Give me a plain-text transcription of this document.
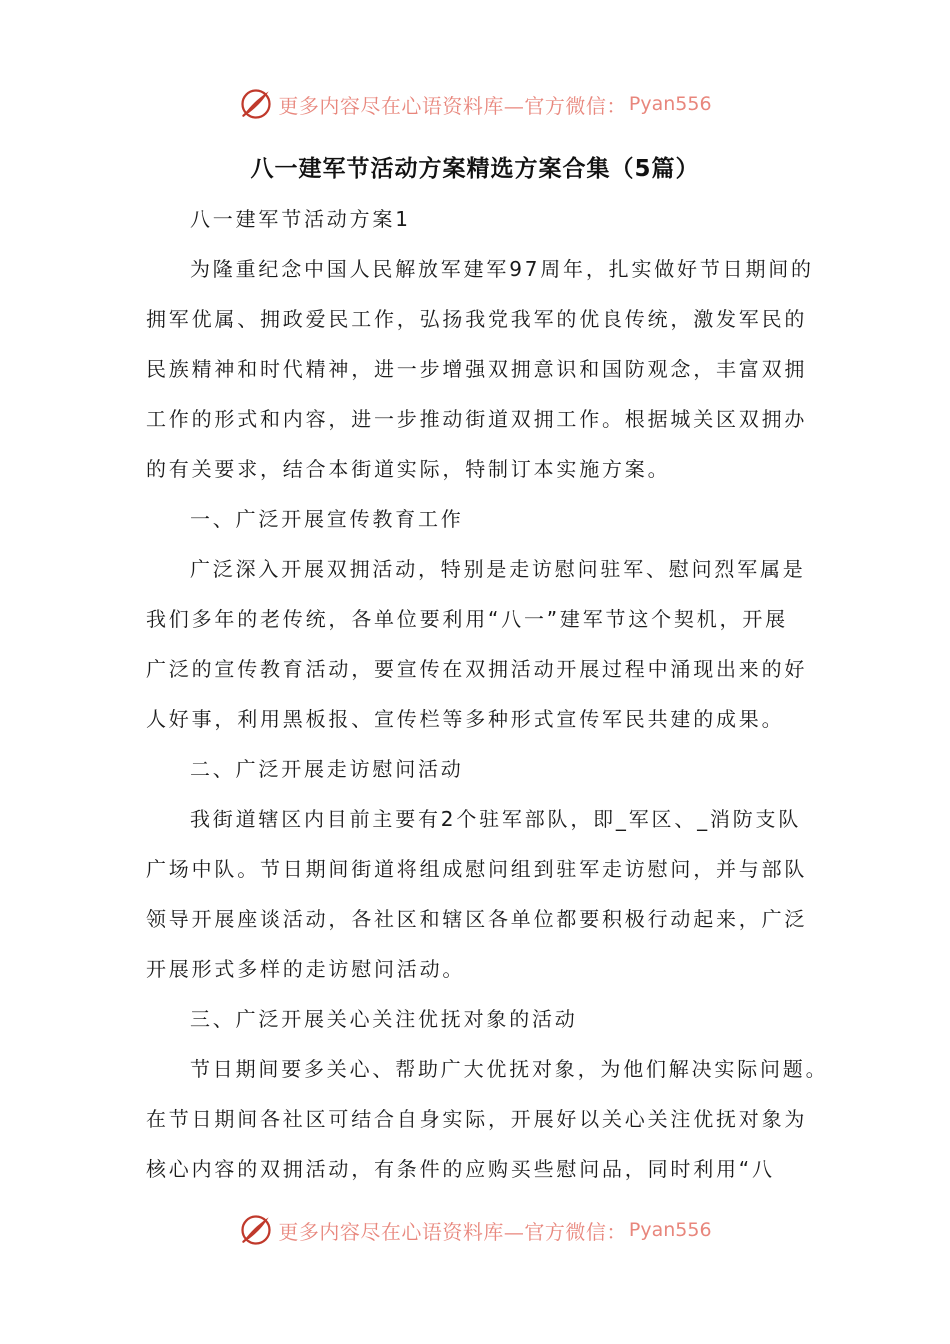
更多内容尽在心语资料库—官方微信： Pyan556
八一建军节活动方案精选方案合集（5篇）
八一建军节活动方案1
为隆重纪念中国人民解放军建军97周年，扎实做好节日期间的
拥军优属、拥政爱民工作，弘扬我党我军的优良传统，激发军民的
民族精神和时代精神，进一步增强双拥意识和国防观念，丰富双拥
工作的形式和内容，进一步推动街道双拥工作。根据城关区双拥办
的有关要求，结合本街道实际，特制订本实施方案。
一、广泛开展宣传教育工作
广泛深入开展双拥活动，特别是走访慰问驻军、慰问烈军属是
我们多年的老传统，各单位要利用“八一”建军节这个契机，开展
广泛的宣传教育活动，要宣传在双拥活动开展过程中涌现出来的好
人好事，利用黑板报、宣传栏等多种形式宣传军民共建的成果。
二、广泛开展走访慰问活动
我街道辖区内目前主要有2个驻军部队，即_军区、_消防支队
广场中队。节日期间街道将组成慰问组到驻军走访慰问，并与部队
领导开展座谈活动，各社区和辖区各单位都要积极行动起来，广泛
开展形式多样的走访慰问活动。
三、广泛开展关心关注优抚对象的活动
节日期间要多关心、帮助广大优抚对象，为他们解决实际问题。
在节日期间各社区可结合自身实际，开展好以关心关注优抚对象为
核心内容的双拥活动，有条件的应购买些慰问品，同时利用“八
更多内容尽在心语资料库—官方微信： Pyan556
